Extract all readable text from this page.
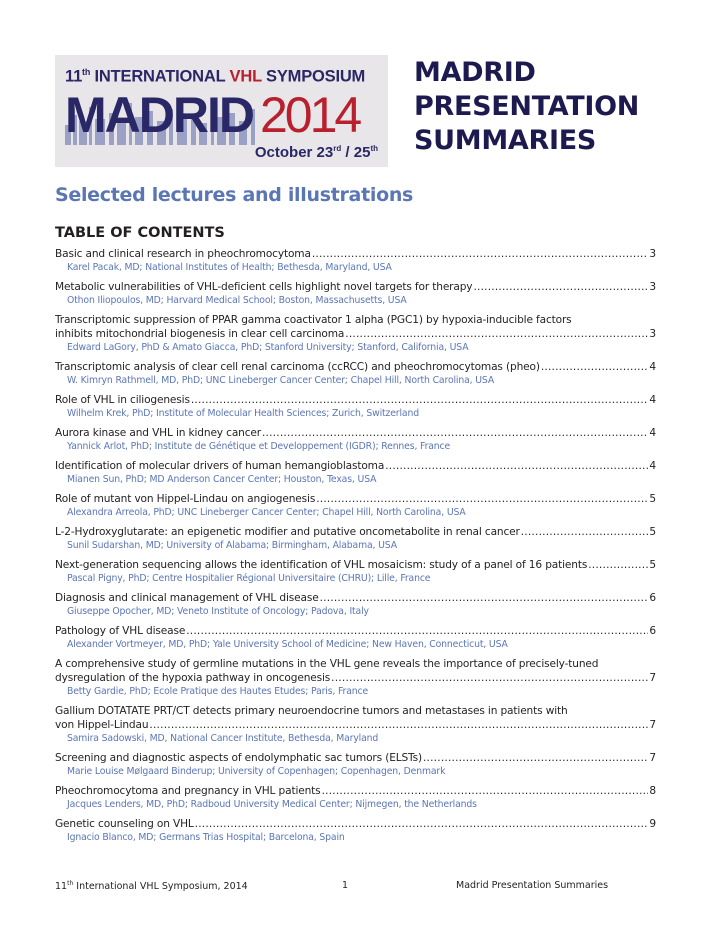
11th INTERNATIONAL VHL SYMPOSIUM
MADRID 2014
October 23rd / 25th
MADRID
PRESENTATION
SUMMARIES
Selected lectures and illustrations
TABLE OF CONTENTS
Basic and clinical research in pheochromocytoma .....	3
Karel Pacak, MD; National Institutes of Health; Bethesda, Maryland, USA
Metabolic vulnerabilities of VHL-deficient cells highlight novel targets for therapy .....	3
Othon Iliopoulos, MD; Harvard Medical School; Boston, Massachusetts, USA
Transcriptomic suppression of PPAR gamma coactivator 1 alpha (PGC1) by hypoxia-inducible factors
inhibits mitochondrial biogenesis in clear cell carcinoma .....	3
Edward LaGory, PhD & Amato Giacca, PhD; Stanford University; Stanford, California, USA
Transcriptomic analysis of clear cell renal carcinoma (ccRCC) and pheochromocytomas (pheo) .....	4
W. Kimryn Rathmell, MD, PhD; UNC Lineberger Cancer Center; Chapel Hill, North Carolina, USA
Role of VHL in ciliogenesis .....	4
Wilhelm Krek, PhD; Institute of Molecular Health Sciences; Zurich, Switzerland
Aurora kinase and VHL in kidney cancer .....	4
Yannick Arlot, PhD; Institute de Génétique et Developpement (IGDR); Rennes, France
Identification of molecular drivers of human hemangioblastoma .....	4
Mianen Sun, PhD; MD Anderson Cancer Center; Houston, Texas, USA
Role of mutant von Hippel-Lindau on angiogenesis .....	5
Alexandra Arreola, PhD; UNC Lineberger Cancer Center; Chapel Hill, North Carolina, USA
L-2-Hydroxyglutarate: an epigenetic modifier and putative oncometabolite in renal cancer .....	5
Sunil Sudarshan, MD; University of Alabama; Birmingham, Alabama, USA
Next-generation sequencing allows the identification of VHL mosaicism: study of a panel of 16 patients .....	5
Pascal Pigny, PhD; Centre Hospitalier Régional Universitaire (CHRU); Lille, France
Diagnosis and clinical management of VHL disease .....	6
Giuseppe Opocher, MD; Veneto Institute of Oncology; Padova, Italy
Pathology of VHL disease .....	6
Alexander Vortmeyer, MD, PhD; Yale University School of Medicine; New Haven, Connecticut, USA
A comprehensive study of germline mutations in the VHL gene reveals the importance of precisely-tuned
dysregulation of the hypoxia pathway in oncogenesis .....	7
Betty Gardie, PhD; Ecole Pratique des Hautes Etudes; Paris, France
Gallium DOTATATE PRT/CT detects primary neuroendocrine tumors and metastases in patients with
von Hippel-Lindau .....	7
Samira Sadowski, MD, National Cancer Institute, Bethesda, Maryland
Screening and diagnostic aspects of endolymphatic sac tumors (ELSTs) .....	7
Marie Louise Mølgaard Binderup; University of Copenhagen; Copenhagen, Denmark
Pheochromocytoma and pregnancy in VHL patients .....	8
Jacques Lenders, MD, PhD; Radboud University Medical Center; Nijmegen, the Netherlands
Genetic counseling on VHL .....	9
Ignacio Blanco, MD; Germans Trias Hospital; Barcelona, Spain
11th International VHL Symposium, 2014	1	Madrid Presentation Summaries
